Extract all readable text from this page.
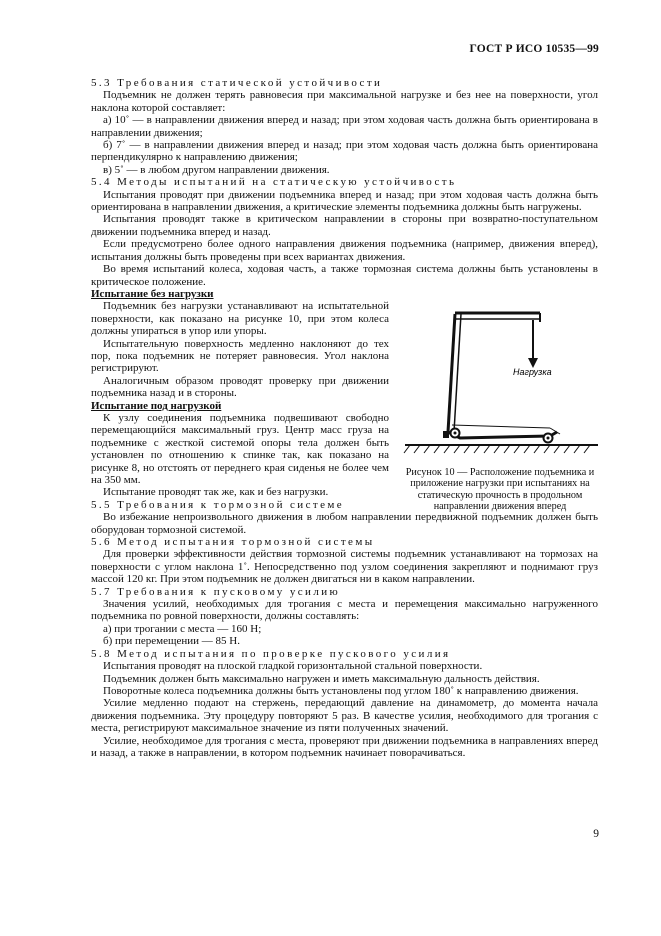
ГОСТ Р ИСО 10535—99

5.3 Требования статической устойчивости

Подъемник не должен терять равновесия при максимальной нагрузке и без нее на поверхности, угол наклона которой составляет:

а) 10˚ — в направлении движения вперед и назад; при этом ходовая часть должна быть ориентирована в направлении движения;

б) 7˚ — в направлении движения вперед и назад; при этом ходовая часть должна быть ориентирована перпендикулярно к направлению движения;

в) 5˚ — в любом другом направлении движения.

5.4 Методы испытаний на статическую устойчивость

Испытания проводят при движении подъемника вперед и назад; при этом ходовая часть должна быть ориентирована в направлении движения, а критические элементы подъемника должны быть нагружены.

Испытания проводят также в критическом направлении в стороны при возвратно-поступательном движении подъемника вперед и назад.

Если предусмотрено более одного направления движения подъемника (например, движения вперед), испытания должны быть проведены при всех вариантах движения.

Во время испытаний колеса, ходовая часть, а также тормозная система должны быть установлены в критическое положение.

Испытание без нагрузки

Подъемник без нагрузки устанавливают на испытательной поверхности, как показано на рисунке 10, при этом колеса должны упираться в упор или упоры.

Испытательную поверхность медленно наклоняют до тех пор, пока подъемник не потеряет равновесия. Угол наклона регистрируют.

Аналогичным образом проводят проверку при движении подъемника назад и в стороны.

Испытание под нагрузкой

К узлу соединения подъемника подвешивают свободно перемещающийся максимальный груз. Центр масс груза на подъемнике с жесткой системой опоры тела должен быть установлен по отношению к спинке так, как показано на рисунке 8, но отстоять от переднего края сиденья не более чем на 350 мм.

Испытание проводят так же, как и без нагрузки.

5.5 Требования к тормозной системе

Во избежание непроизвольного движения в любом направлении передвижной подъемник должен быть оборудован тормозной системой.

5.6 Метод испытания тормозной системы

Для проверки эффективности действия тормозной системы подъемник устанавливают на тормозах на поверхности с углом наклона 1˚. Непосредственно под узлом соединения закрепляют и поднимают груз массой 120 кг. При этом подъемник не должен двигаться ни в каком направлении.

5.7 Требования к пусковому усилию

Значения усилий, необходимых для трогания с места и перемещения максимально нагруженного подъемника по ровной поверхности, должны составлять:

а) при трогании с места — 160 Н;

б) при перемещении — 85 Н.

5.8 Метод испытания по проверке пускового усилия

Испытания проводят на плоской гладкой горизонтальной стальной поверхности.

Подъемник должен быть максимально нагружен и иметь максимальную дальность действия.

Поворотные колеса подъемника должны быть установлены под углом 180˚ к направлению движения.

Усилие медленно подают на стержень, передающий давление на динамометр, до момента начала движения подъемника. Эту процедуру повторяют 5 раз. В качестве усилия, необходимого для трогания с места, регистрируют максимальное значение из пяти полученных значений.

Усилие, необходимое для трогания с места, проверяют при движении подъемника в направлениях вперед и назад, а также в направлении, в котором подъемник начинает поворачиваться.

Нагрузка
Рисунок 10 — Расположение подъемника и приложение нагрузки при испытаниях на статическую прочность в продольном направлении движения вперед
9
